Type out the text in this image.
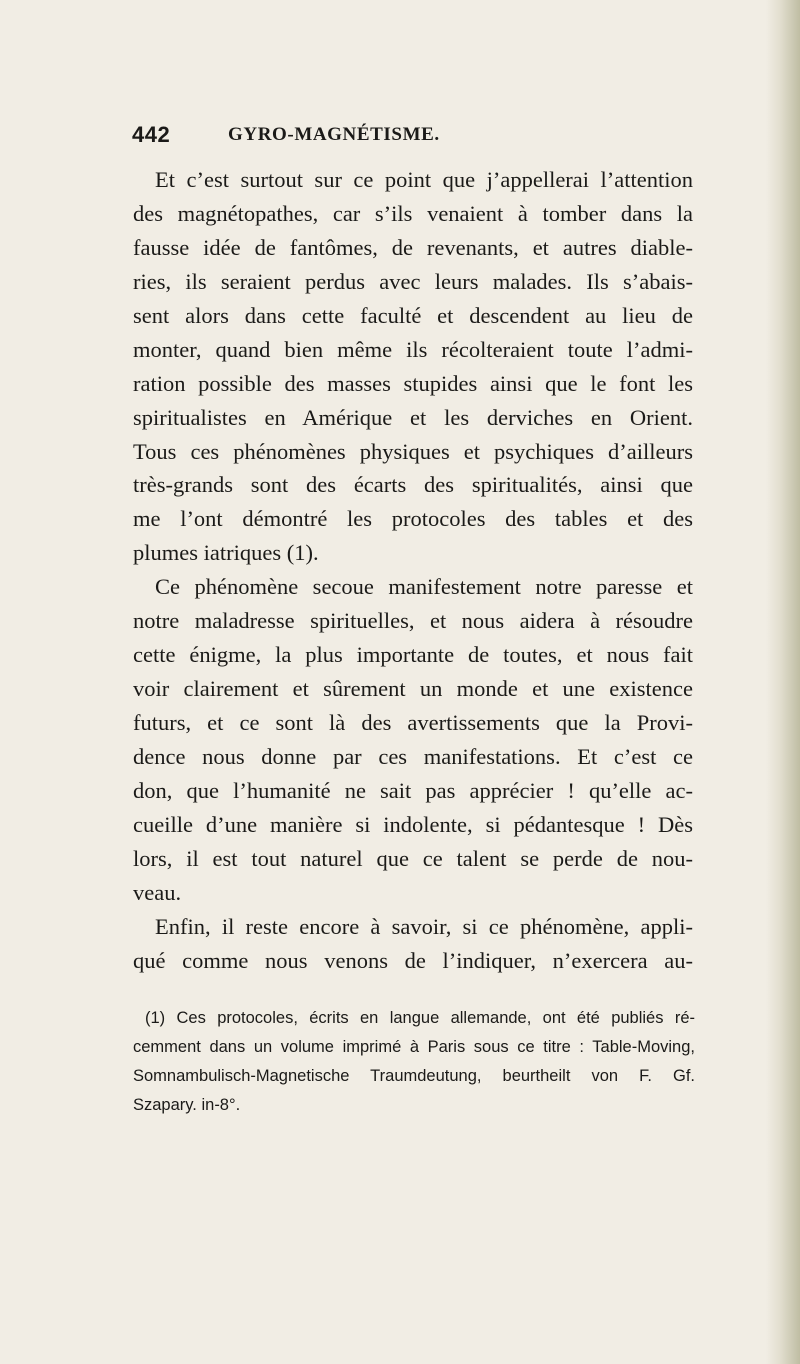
442	GYRO-MAGNÉTISME.
Et c’est surtout sur ce point que j’appellerai l’attention
des magnétopathes, car s’ils venaient à tomber dans la
fausse idée de fantômes, de revenants, et autres diable-
ries, ils seraient perdus avec leurs malades. Ils s’abais-
sent alors dans cette faculté et descendent au lieu de
monter, quand bien même ils récolteraient toute l’admi-
ration possible des masses stupides ainsi que le font les
spiritualistes en Amérique et les derviches en Orient.
Tous ces phénomènes physiques et psychiques d’ailleurs
très-grands sont des écarts des spiritualités, ainsi que
me l’ont démontré les protocoles des tables et des
plumes iatriques (1).
Ce phénomène secoue manifestement notre paresse et
notre maladresse spirituelles, et nous aidera à résoudre
cette énigme, la plus importante de toutes, et nous fait
voir clairement et sûrement un monde et une existence
futurs, et ce sont là des avertissements que la Provi-
dence nous donne par ces manifestations. Et c’est ce
don, que l’humanité ne sait pas apprécier ! qu’elle ac-
cueille d’une manière si indolente, si pédantesque ! Dès
lors, il est tout naturel que ce talent se perde de nou-
veau.
Enfin, il reste encore à savoir, si ce phénomène, appli-
qué comme nous venons de l’indiquer, n’exercera au-
(1) Ces protocoles, écrits en langue allemande, ont été publiés ré-
cemment dans un volume imprimé à Paris sous ce titre : Table-Moving,
Somnambulisch-Magnetische Traumdeutung, beurtheilt von F. Gf.
Szapary. in-8°.
